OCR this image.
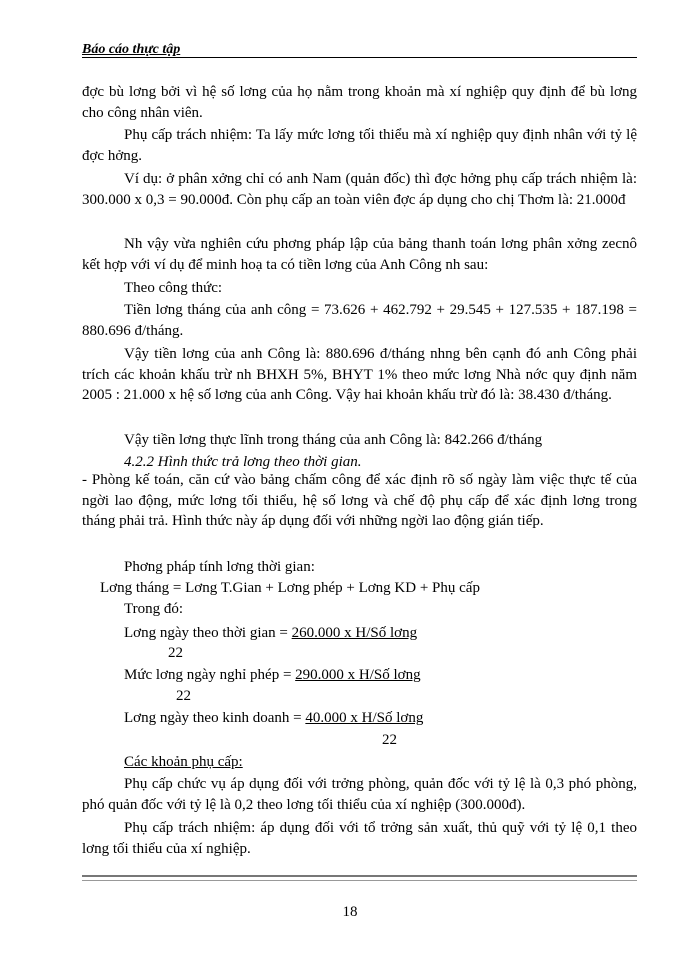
Báo cáo thực tập
đợc bù lơng bởi vì hệ số lơng của họ nằm trong khoản mà xí nghiệp quy định để bù lơng cho công nhân viên.
Phụ cấp trách nhiệm: Ta lấy mức lơng tối thiểu mà xí nghiệp quy định nhân với tỷ lệ đợc hởng.
Ví dụ: ở phân xởng chỉ có anh Nam (quản đốc) thì đợc hởng phụ cấp trách nhiệm là: 300.000 x 0,3 = 90.000đ. Còn phụ cấp an toàn viên đợc áp dụng cho chị Thơm là: 21.000đ
Nh vậy vừa nghiên cứu phơng pháp lập của bảng thanh toán lơng phân xởng zecnô kết hợp với ví dụ để minh hoạ ta có tiền lơng của Anh Công nh sau:
Theo công thức:
Tiền lơng tháng của anh công = 73.626 + 462.792 + 29.545 + 127.535 + 187.198 = 880.696 đ/tháng.
Vậy tiền lơng của anh Công là: 880.696 đ/tháng nhng bên cạnh đó anh Công phải trích các khoản khấu trừ nh BHXH 5%, BHYT 1% theo mức lơng Nhà nớc quy định năm 2005 : 21.000 x hệ số lơng của anh Công. Vậy hai khoản khấu trừ đó là: 38.430 đ/tháng.
Vậy tiền lơng thực lĩnh trong tháng của anh Công là: 842.266 đ/tháng
4.2.2 Hình thức trả lơng theo thời gian.
- Phòng kế toán, căn cứ vào bảng chấm công để xác định rõ số ngày làm việc thực tế của ngời lao động, mức lơng tối thiểu, hệ số lơng và chế độ phụ cấp để xác định lơng trong tháng phải trả. Hình thức này áp dụng đối với những ngời lao động gián tiếp.
Phơng pháp tính lơng thời gian:
Lơng tháng = Lơng T.Gian + Lơng phép + Lơng KD + Phụ cấp
Trong đó:
Lơng ngày theo thời gian = 260.000 x H/Số lơng
22
Mức lơng ngày nghỉ phép = 290.000 x H/Số lơng
22
Lơng ngày theo kinh doanh = 40.000 x H/Số lơng
22
Các khoản phụ cấp:
Phụ cấp chức vụ áp dụng đối với trởng phòng, quản đốc với tỷ lệ là 0,3 phó phòng, phó quản đốc với tỷ lệ là 0,2 theo lơng tối thiểu của xí nghiệp (300.000đ).
Phụ cấp trách nhiệm: áp dụng đối với tổ trởng sản xuất, thủ quỹ với tỷ lệ 0,1 theo lơng tối thiểu của xí nghiệp.
18
